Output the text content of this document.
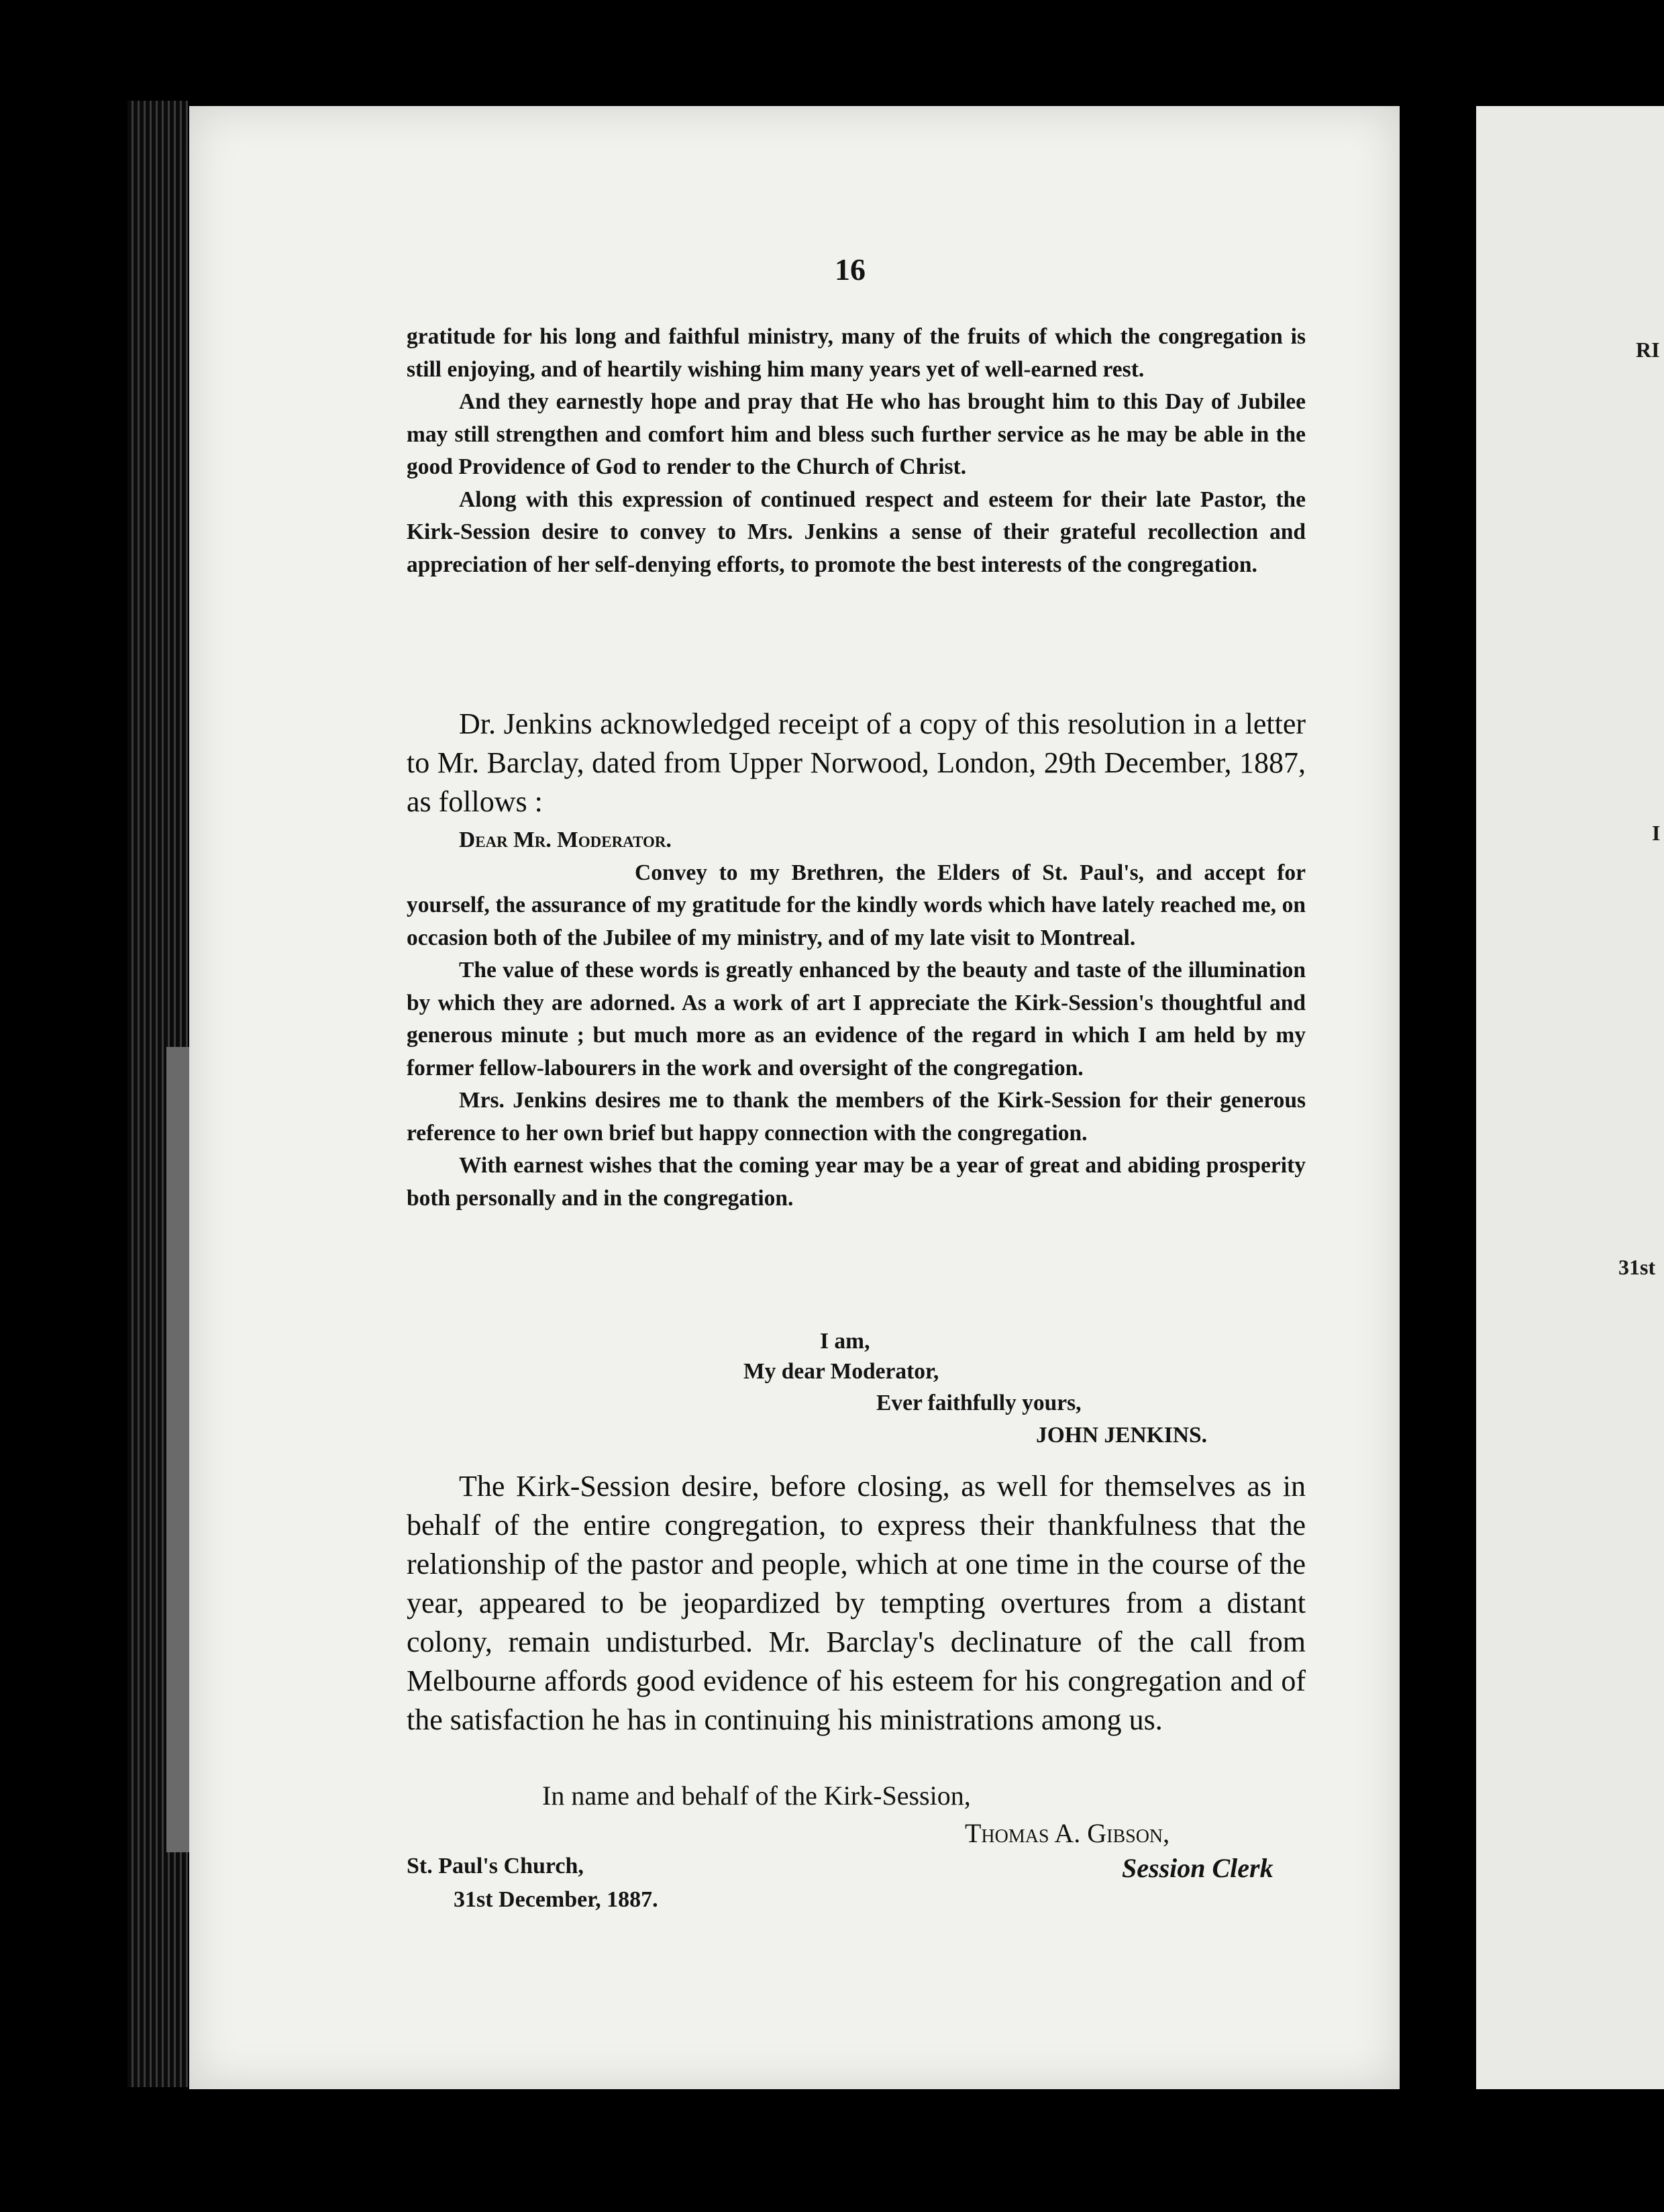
RI
I
31st
16

gratitude for his long and faithful ministry, many of the fruits of which the congregation is still enjoying, and of heartily wishing him many years yet of well-earned rest.

And they earnestly hope and pray that He who has brought him to this Day of Jubilee may still strengthen and comfort him and bless such further service as he may be able in the good Providence of God to render to the Church of Christ.

Along with this expression of continued respect and esteem for their late Pastor, the Kirk-Session desire to convey to Mrs. Jenkins a sense of their grateful recollection and appreciation of her self-denying efforts, to promote the best interests of the congregation.

Dr. Jenkins acknowledged receipt of a copy of this resolution in a letter to Mr. Barclay, dated from Upper Norwood, London, 29th December, 1887, as follows :

Dear Mr. Moderator.

Convey to my Brethren, the Elders of St. Paul's, and accept for yourself, the assurance of my gratitude for the kindly words which have lately reached me, on occasion both of the Jubilee of my ministry, and of my late visit to Montreal.

The value of these words is greatly enhanced by the beauty and taste of the illumination by which they are adorned. As a work of art I appreciate the Kirk-Session's thoughtful and generous minute ; but much more as an evidence of the regard in which I am held by my former fellow-labourers in the work and oversight of the congregation.

Mrs. Jenkins desires me to thank the members of the Kirk-Session for their generous reference to her own brief but happy connection with the congregation.

With earnest wishes that the coming year may be a year of great and abiding prosperity both personally and in the congregation.

I am,
My dear Moderator,
Ever faithfully yours,
JOHN JENKINS.

The Kirk-Session desire, before closing, as well for themselves as in behalf of the entire congregation, to express their thankfulness that the relationship of the pastor and people, which at one time in the course of the year, appeared to be jeopardized by tempting overtures from a distant colony, remain undisturbed. Mr. Barclay's declinature of the call from Melbourne affords good evidence of his esteem for his congregation and of the satisfaction he has in continuing his ministrations among us.

In name and behalf of the Kirk-Session,
Thomas A. Gibson,
Session Clerk
St. Paul's Church,
31st December, 1887.
